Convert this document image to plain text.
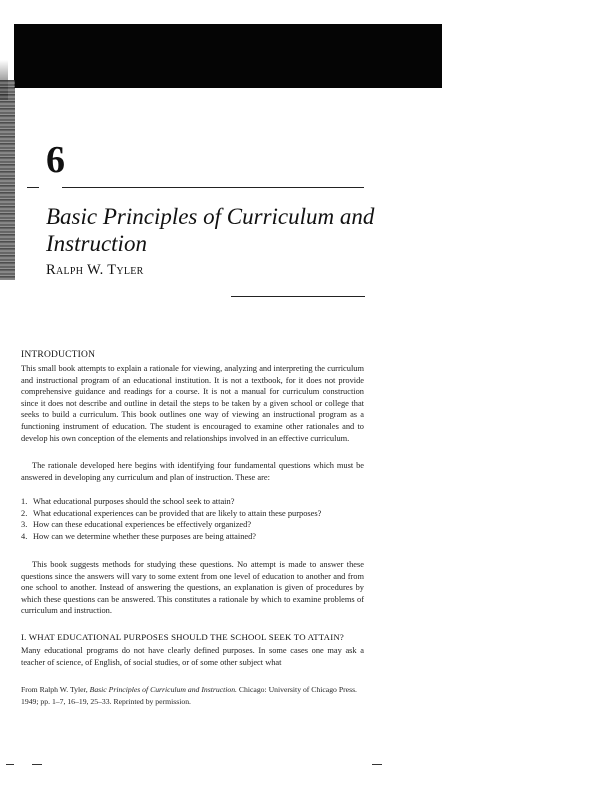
6
Basic Principles of Curriculum and Instruction
Ralph W. Tyler
INTRODUCTION

This small book attempts to explain a rationale for viewing, analyzing and interpreting the curriculum and instructional program of an educational institution. It is not a textbook, for it does not provide comprehensive guidance and readings for a course. It is not a manual for curriculum construction since it does not describe and outline in detail the steps to be taken by a given school or college that seeks to build a curriculum. This book outlines one way of viewing an instructional program as a functioning instrument of education. The student is encouraged to examine other rationales and to develop his own conception of the elements and relationships involved in an effective curriculum.

The rationale developed here begins with identifying four fundamental questions which must be answered in developing any curriculum and plan of instruction. These are:

1. What educational purposes should the school seek to attain?
2. What educational experiences can be provided that are likely to attain these purposes?
3. How can these educational experiences be effectively organized?
4. How can we determine whether these purposes are being attained?

This book suggests methods for studying these questions. No attempt is made to answer these questions since the answers will vary to some extent from one level of education to another and from one school to another. Instead of answering the questions, an explanation is given of procedures by which these questions can be answered. This constitutes a rationale by which to examine problems of curriculum and instruction.

I. WHAT EDUCATIONAL PURPOSES SHOULD THE SCHOOL SEEK TO ATTAIN?

Many educational programs do not have clearly defined purposes. In some cases one may ask a teacher of science, of English, of social studies, or of some other subject what

From Ralph W. Tyler, Basic Principles of Curriculum and Instruction. Chicago: University of Chicago Press. 1949; pp. 1–7, 16–19, 25–33. Reprinted by permission.
